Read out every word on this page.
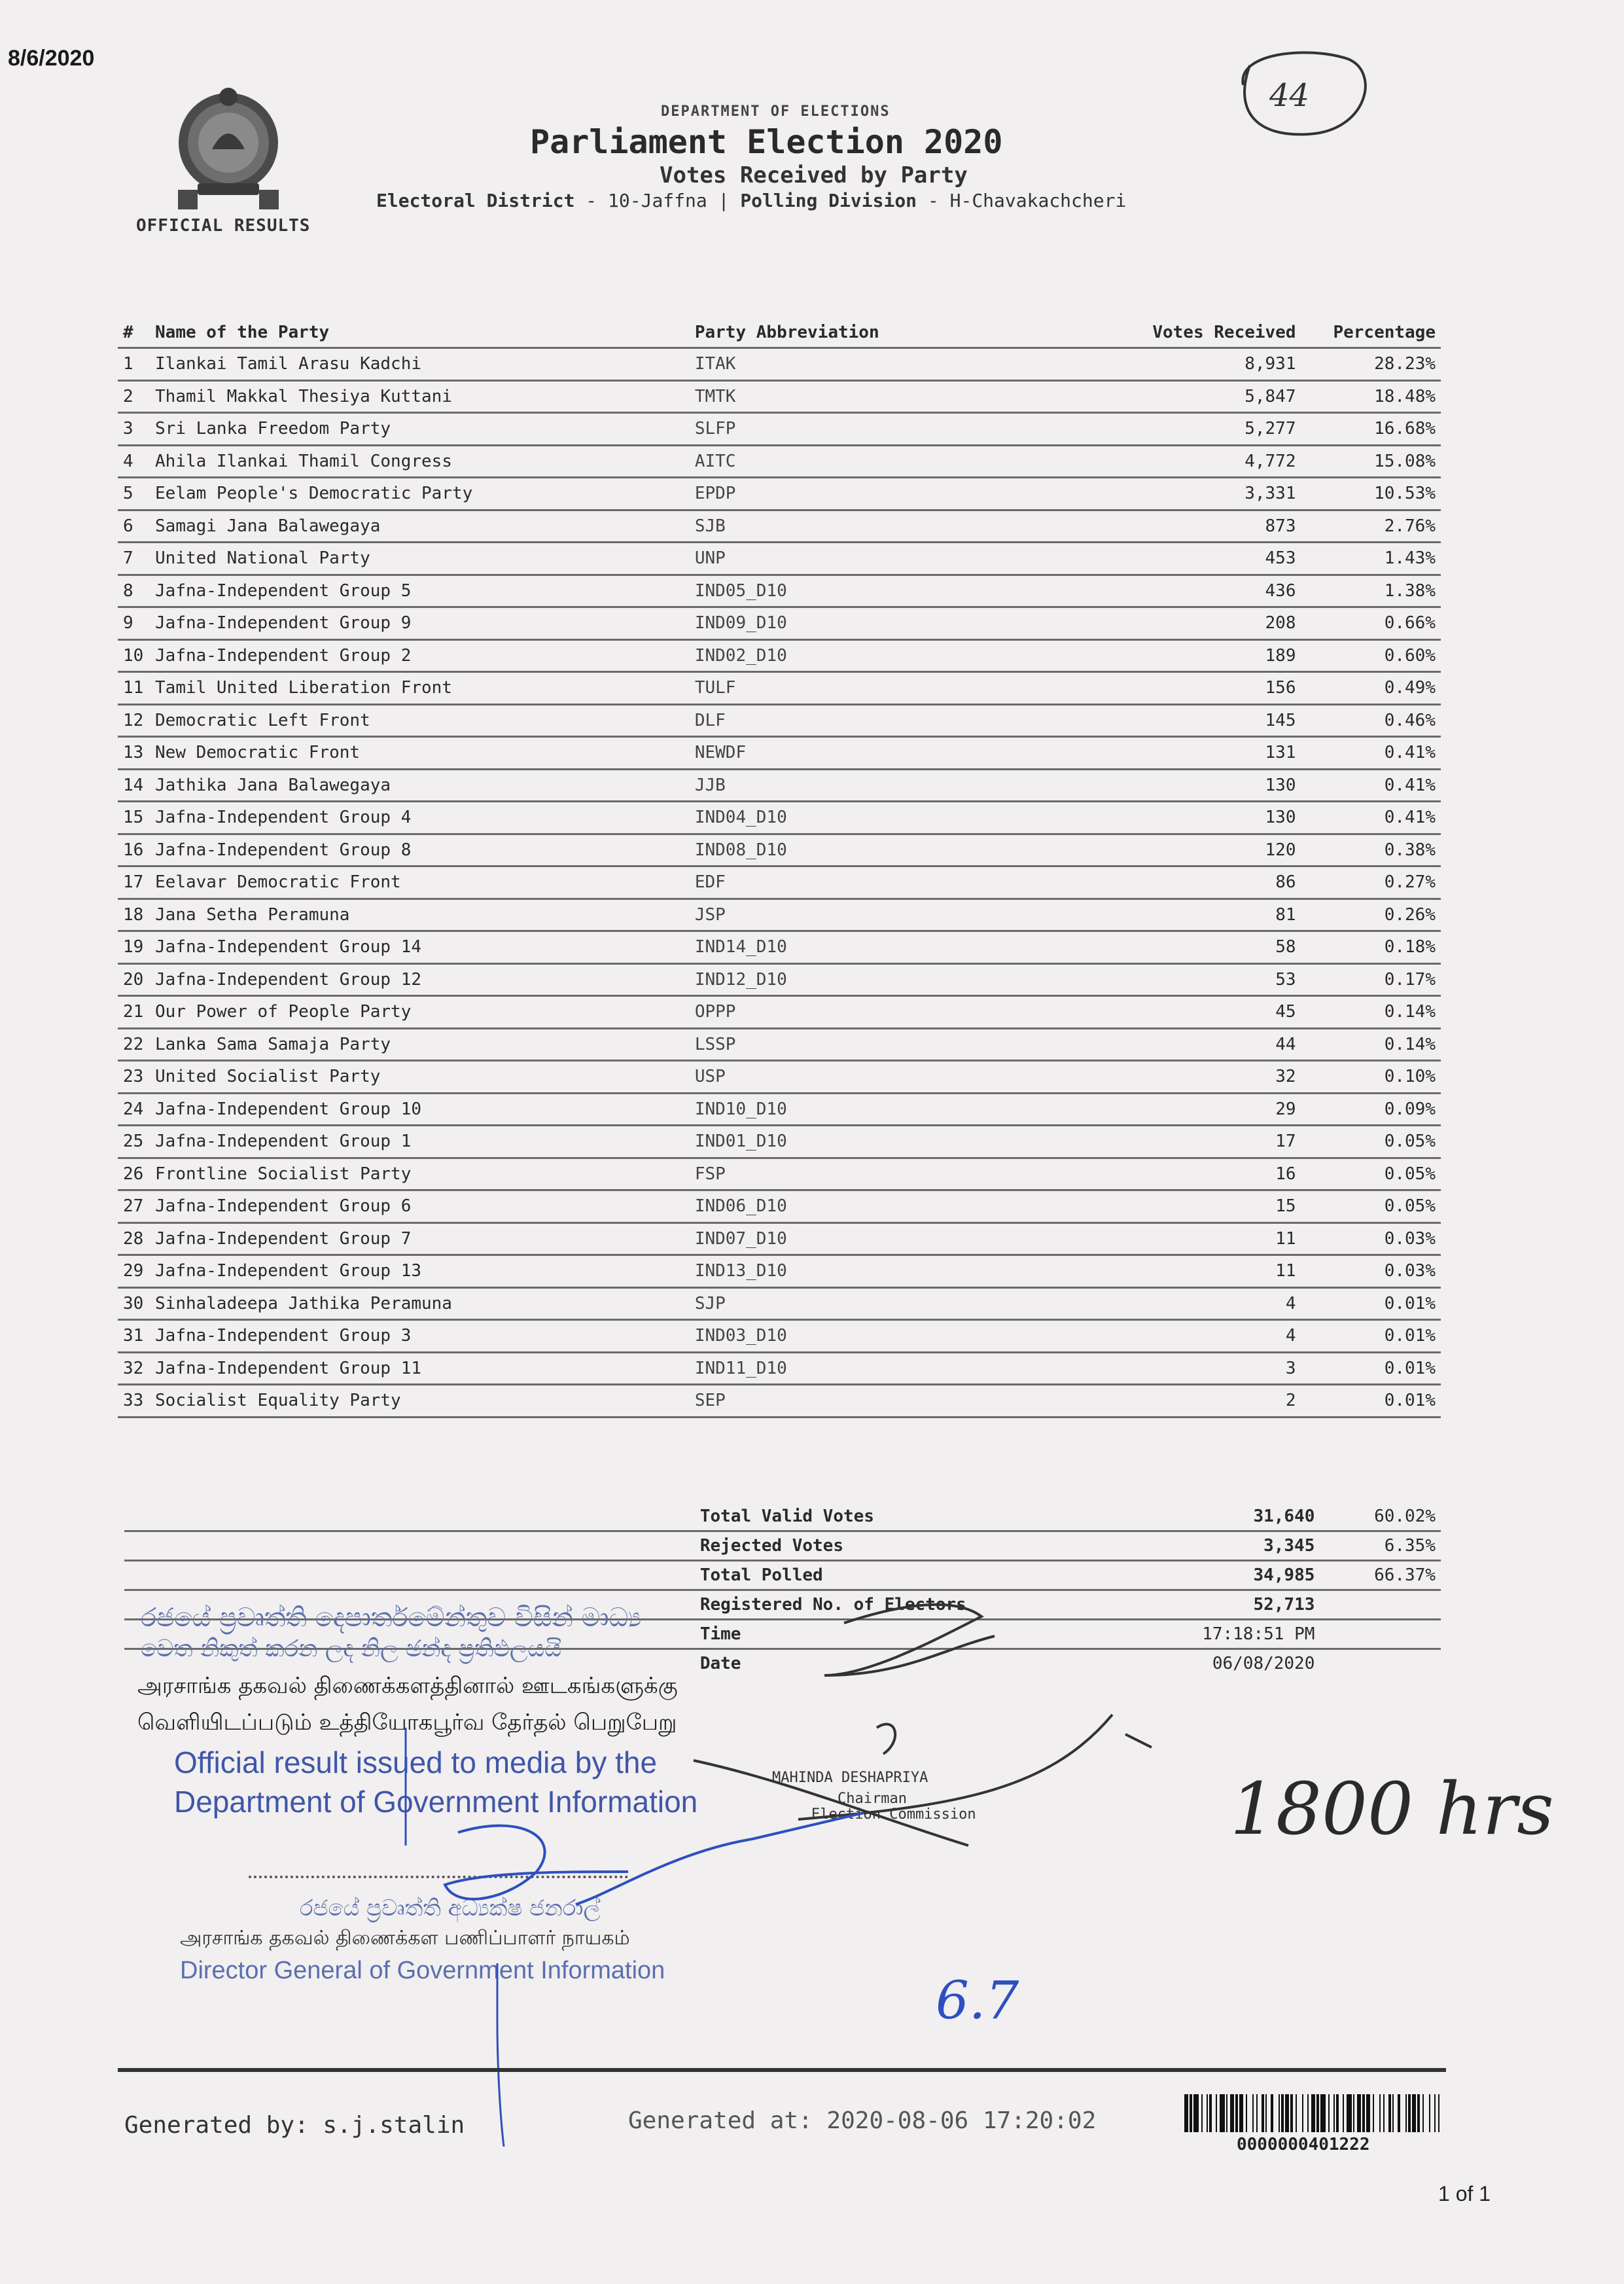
8/6/2020
OFFICIAL RESULTS
DEPARTMENT OF ELECTIONS
Parliament Election 2020
Votes Received by Party
Electoral District - 10-Jaffna | Polling Division - H-Chavakachcheri
44
#	Name of the Party	Party Abbreviation	Votes Received	Percentage
1	Ilankai Tamil Arasu Kadchi	ITAK	8,931	28.23%
2	Thamil Makkal Thesiya Kuttani	TMTK	5,847	18.48%
3	Sri Lanka Freedom Party	SLFP	5,277	16.68%
4	Ahila Ilankai Thamil Congress	AITC	4,772	15.08%
5	Eelam People's Democratic Party	EPDP	3,331	10.53%
6	Samagi Jana Balawegaya	SJB	873	2.76%
7	United National Party	UNP	453	1.43%
8	Jafna-Independent Group 5	IND05_D10	436	1.38%
9	Jafna-Independent Group 9	IND09_D10	208	0.66%
10	Jafna-Independent Group 2	IND02_D10	189	0.60%
11	Tamil United Liberation Front	TULF	156	0.49%
12	Democratic Left Front	DLF	145	0.46%
13	New Democratic Front	NEWDF	131	0.41%
14	Jathika Jana Balawegaya	JJB	130	0.41%
15	Jafna-Independent Group 4	IND04_D10	130	0.41%
16	Jafna-Independent Group 8	IND08_D10	120	0.38%
17	Eelavar Democratic Front	EDF	86	0.27%
18	Jana Setha Peramuna	JSP	81	0.26%
19	Jafna-Independent Group 14	IND14_D10	58	0.18%
20	Jafna-Independent Group 12	IND12_D10	53	0.17%
21	Our Power of People Party	OPPP	45	0.14%
22	Lanka Sama Samaja Party	LSSP	44	0.14%
23	United Socialist Party	USP	32	0.10%
24	Jafna-Independent Group 10	IND10_D10	29	0.09%
25	Jafna-Independent Group 1	IND01_D10	17	0.05%
26	Frontline Socialist Party	FSP	16	0.05%
27	Jafna-Independent Group 6	IND06_D10	15	0.05%
28	Jafna-Independent Group 7	IND07_D10	11	0.03%
29	Jafna-Independent Group 13	IND13_D10	11	0.03%
30	Sinhaladeepa Jathika Peramuna	SJP	4	0.01%
31	Jafna-Independent Group 3	IND03_D10	4	0.01%
32	Jafna-Independent Group 11	IND11_D10	3	0.01%
33	Socialist Equality Party	SEP	2	0.01%
	Total Valid Votes	31,640	60.02%
	Rejected Votes	3,345	6.35%
	Total Polled	34,985	66.37%
	Registered No. of Electors	52,713	
	Time	17:18:51 PM	
	Date	06/08/2020	
රජයේ ප්‍රවෘත්ති දෙපාර්තමේන්තුව විසින් මාධ්‍ය
වෙත නිකුත් කරන ලද නිල ඡන්ද ප්‍රතිඵලයයි
அரசாங்க தகவல் திணைக்களத்தினால் ஊடகங்களுக்கு
வெளியிடப்படும் உத்தியோகபூர்வ தேர்தல் பெறுபேறு
Official result issued to media by the
Department of Government Information
MAHINDA DESHAPRIYA
Chairman
Election Commission
රජයේ ප්‍රවෘත්ති අධ්‍යක්ෂ ජනරාල්
அரசாங்க தகவல் திணைக்கள பணிப்பாளர் நாயகம்
Director General of Government Information
1800 hrs
6.7
Generated by: s.j.stalin	Generated at: 2020-08-06 17:20:02
0000000401222
1 of 1
